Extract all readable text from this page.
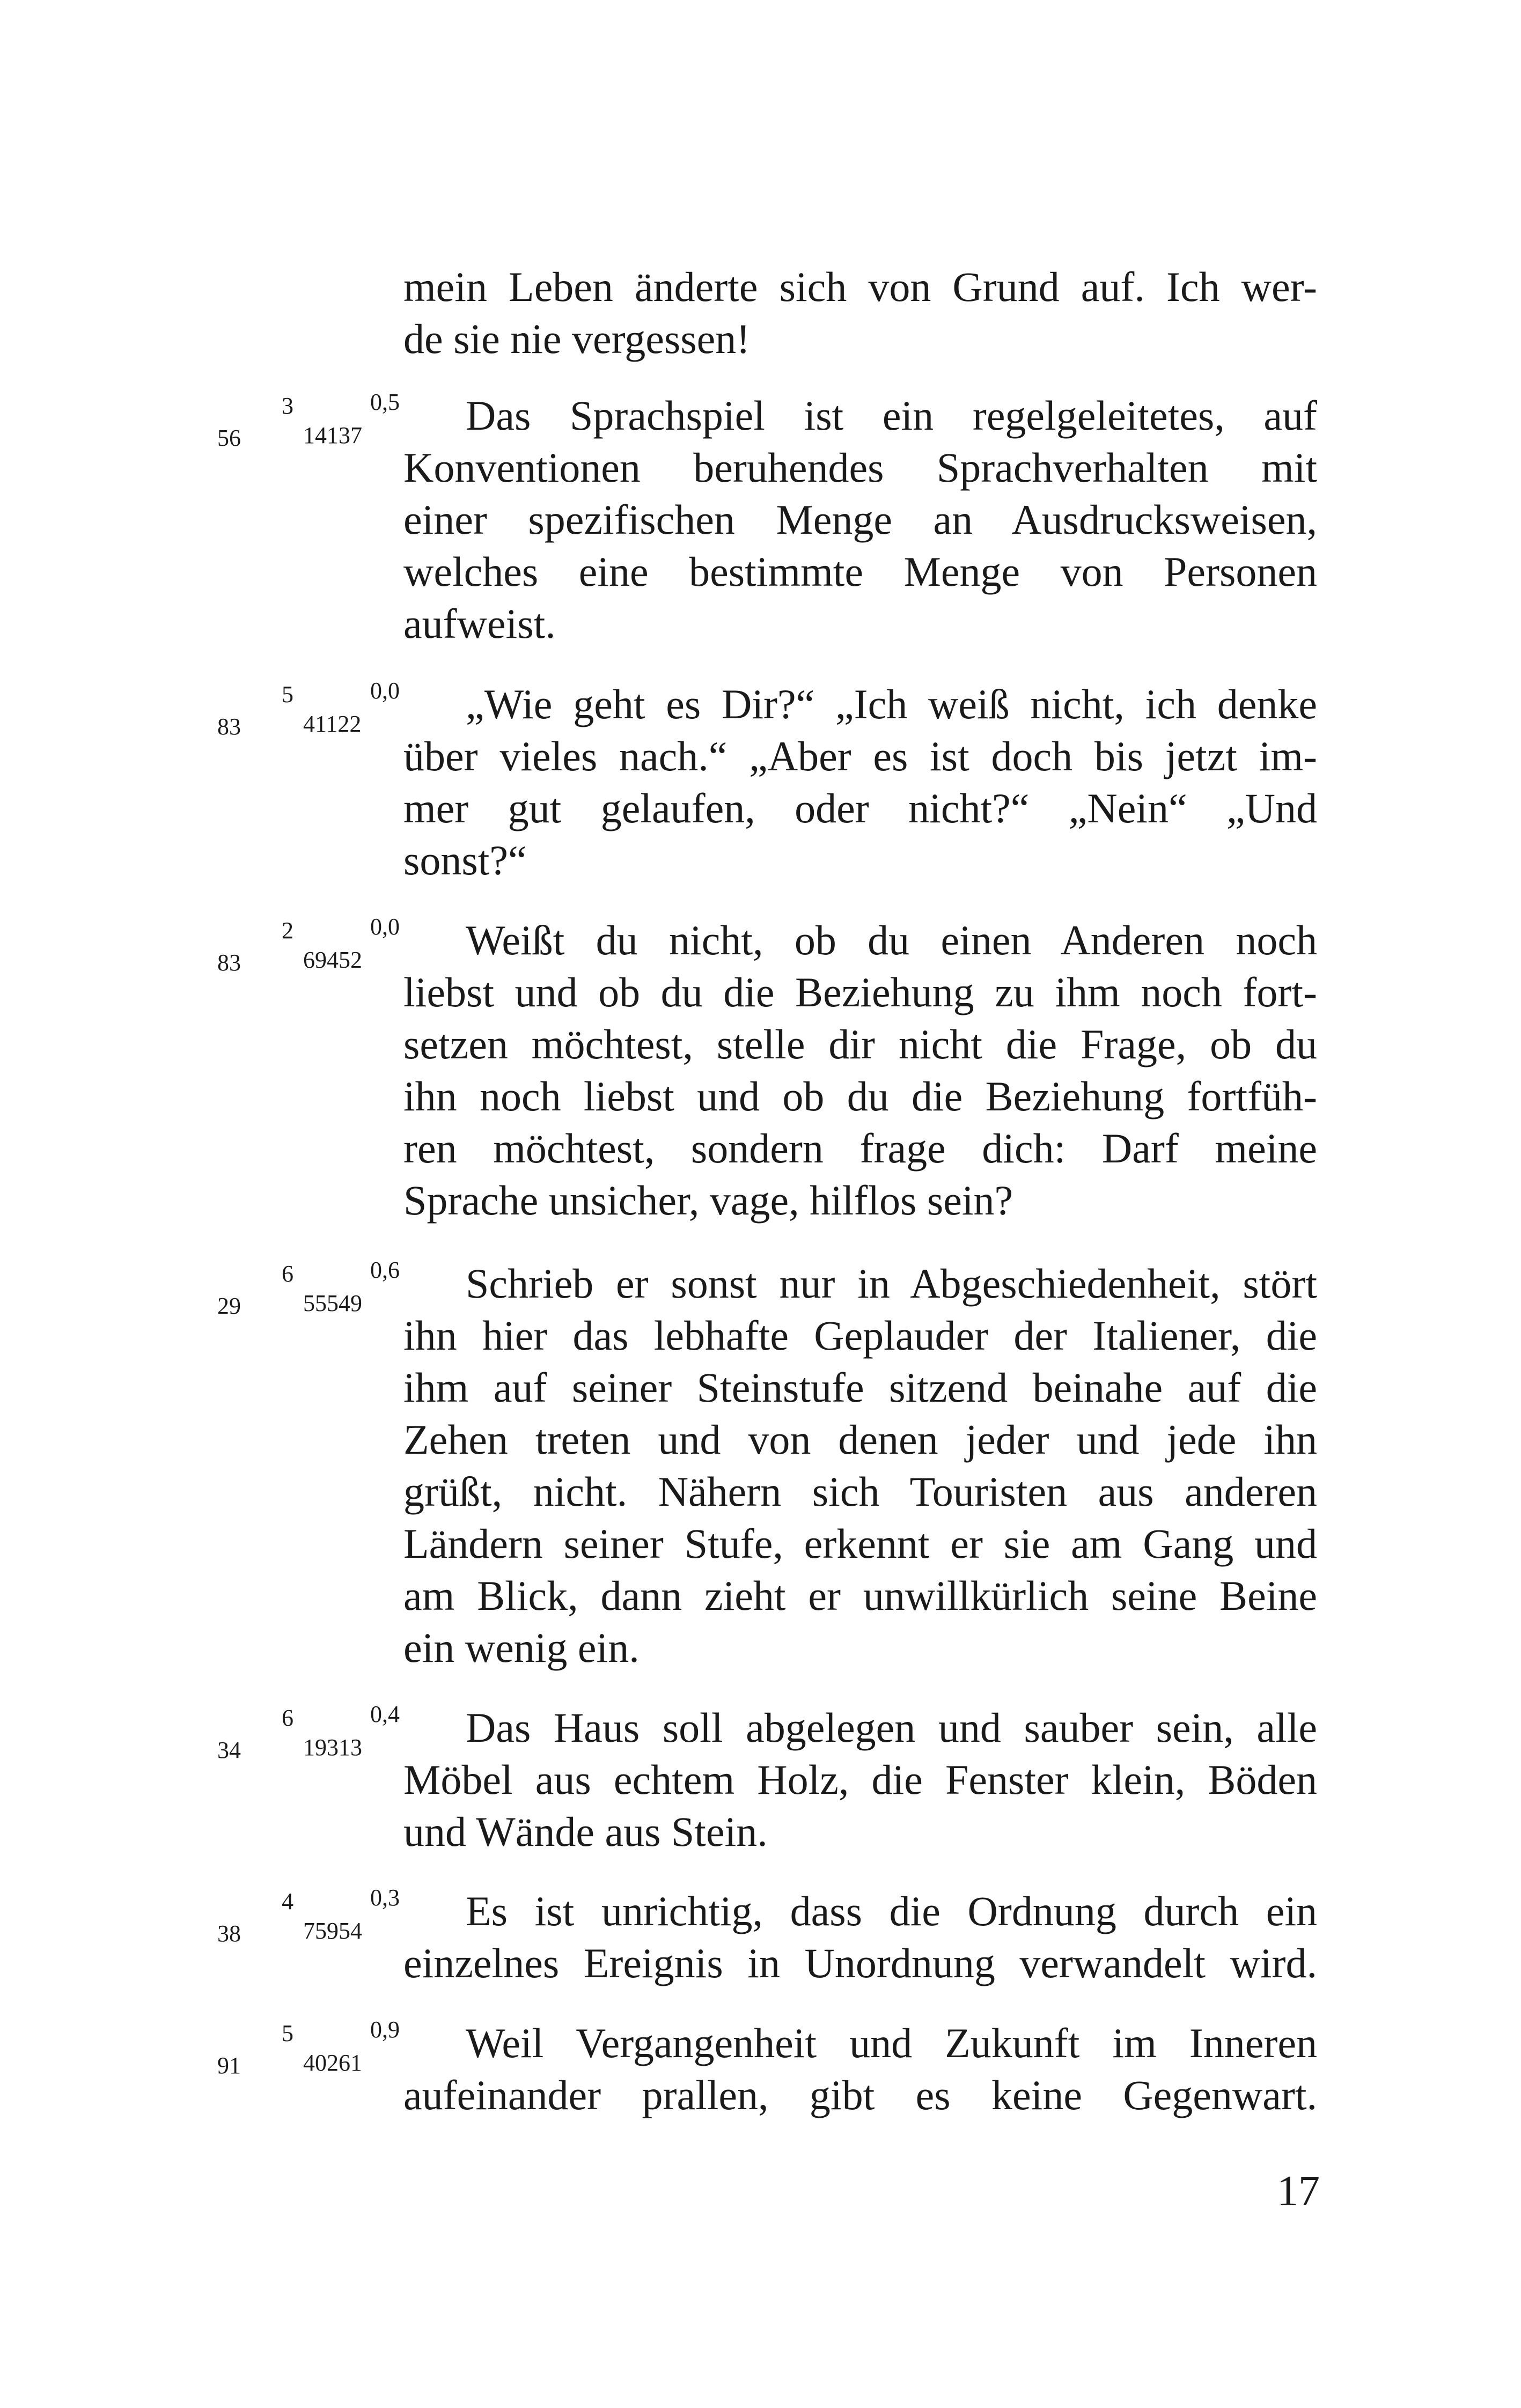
mein Leben änderte sich von Grund auf. Ich wer-
de sie nie vergessen!
56
3
14137
0,5 Das Sprachspiel ist ein regelgeleitetes, auf
Konventionen beruhendes Sprachverhalten mit
einer spezifischen Menge an Ausdrucksweisen,
welches eine bestimmte Menge von Personen
aufweist.
83
5
41122
0,0 „Wie geht es Dir?“ „Ich weiß nicht, ich denke
über vieles nach.“ „Aber es ist doch bis jetzt im-
mer gut gelaufen, oder nicht?“ „Nein“ „Und
sonst?“
83
2
69452
0,0 Weißt du nicht, ob du einen Anderen noch
liebst und ob du die Beziehung zu ihm noch fort-
setzen möchtest, stelle dir nicht die Frage, ob du
ihn noch liebst und ob du die Beziehung fortfüh-
ren möchtest, sondern frage dich: Darf meine
Sprache unsicher, vage, hilflos sein?
29
6
55549
0,6 Schrieb er sonst nur in Abgeschiedenheit, stört
ihn hier das lebhafte Geplauder der Italiener, die
ihm auf seiner Steinstufe sitzend beinahe auf die
Zehen treten und von denen jeder und jede ihn
grüßt, nicht. Nähern sich Touristen aus anderen
Ländern seiner Stufe, erkennt er sie am Gang und
am Blick, dann zieht er unwillkürlich seine Beine
ein wenig ein.
34
6
19313
0,4 Das Haus soll abgelegen und sauber sein, alle
Möbel aus echtem Holz, die Fenster klein, Böden
und Wände aus Stein.
38
4
75954
0,3 Es ist unrichtig, dass die Ordnung durch ein
einzelnes Ereignis in Unordnung verwandelt wird.
91
5
40261
0,9 Weil Vergangenheit und Zukunft im Inneren
aufeinander prallen, gibt es keine Gegenwart.
17
